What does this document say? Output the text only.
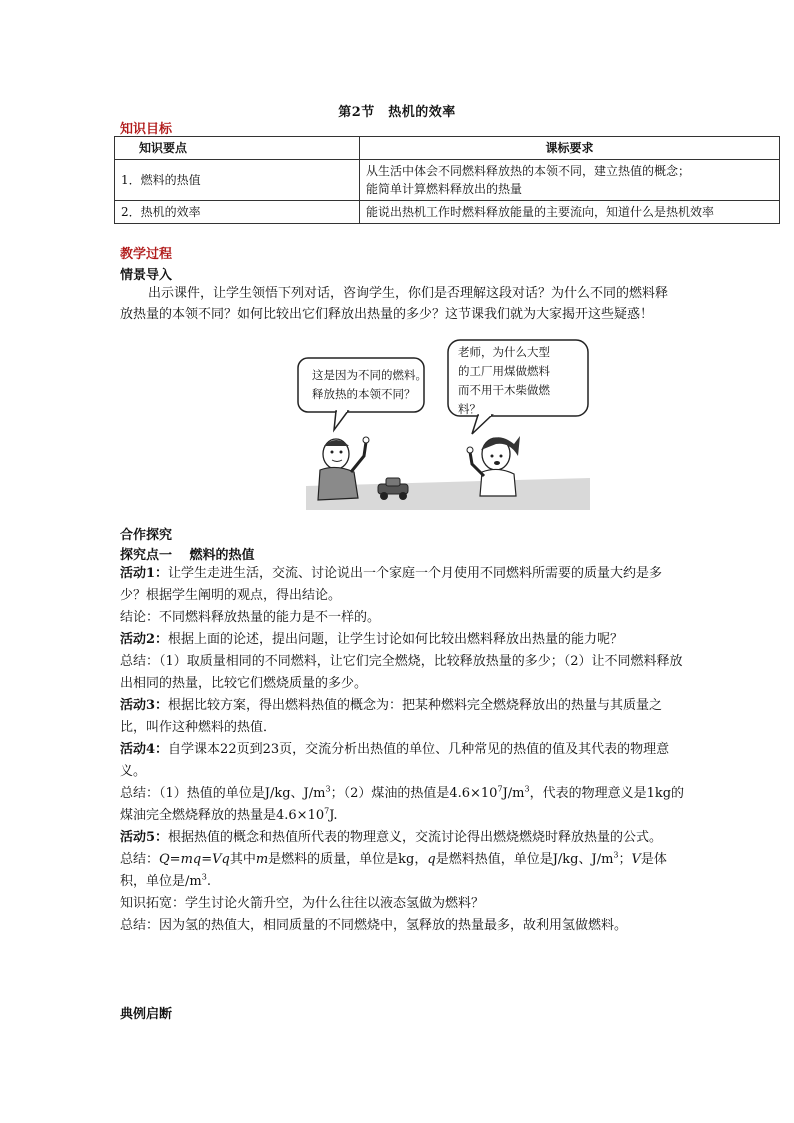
第2节　热机的效率
知识目标
知识要点	课标要求
1．燃料的热值	从生活中体会不同燃料释放热的本领不同，建立热值的概念；
能简单计算燃料释放出的热量

2．热机的效率	能说出热机工作时燃料释放能量的主要流向，知道什么是热机效率
教学过程
情景导入
出示课件，让学生领悟下列对话，咨询学生，你们是否理解这段对话？为什么不同的燃料释放热量的本领不同？如何比较出它们释放出热量的多少？这节课我们就为大家揭开这些疑惑！
这是因为不同的燃料。
释放热的本领不同？
老师，为什么大型
的工厂用煤做燃料
而不用干木柴做燃
料？
合作探究
探究点一　 燃料的热值

活动1：让学生走进生活，交流、讨论说出一个家庭一个月使用不同燃料所需要的质量大约是多少？根据学生阐明的观点，得出结论。

结论：不同燃料释放热量的能力是不一样的。

活动2：根据上面的论述，提出问题，让学生讨论如何比较出燃料释放出热量的能力呢？

总结：（1）取质量相同的不同燃料，让它们完全燃烧，比较释放热量的多少；（2）让不同燃料释放出相同的热量，比较它们燃烧质量的多少。

活动3：根据比较方案，得出燃料热值的概念为：把某种燃料完全燃烧释放出的热量与其质量之比，叫作这种燃料的热值．

活动4：自学课本22页到23页，交流分析出热值的单位、几种常见的热值的值及其代表的物理意义。

总结：（1）热值的单位是J/kg、$J/m^3$；（2）煤油的热值是$4.6\times 10^7J/m^3$，代表的物理意义是1kg的煤油完全燃烧释放的热量是$4.6\times 10^7J$.

活动5：根据热值的概念和热值所代表的物理意义，交流讨论得出燃烧燃烧时释放热量的公式。

总结：Q=mq=Vq其中m是燃料的质量，单位是kg，q是燃料热值，单位是J/kg、$J/m^3$；V是体积，单位是$/m^3$.

知识拓宽：学生讨论火箭升空，为什么往往以液态氢做为燃料？

总结：因为氢的热值大，相同质量的不同燃烧中，氢释放的热量最多，故利用氢做燃料。

典例启断
